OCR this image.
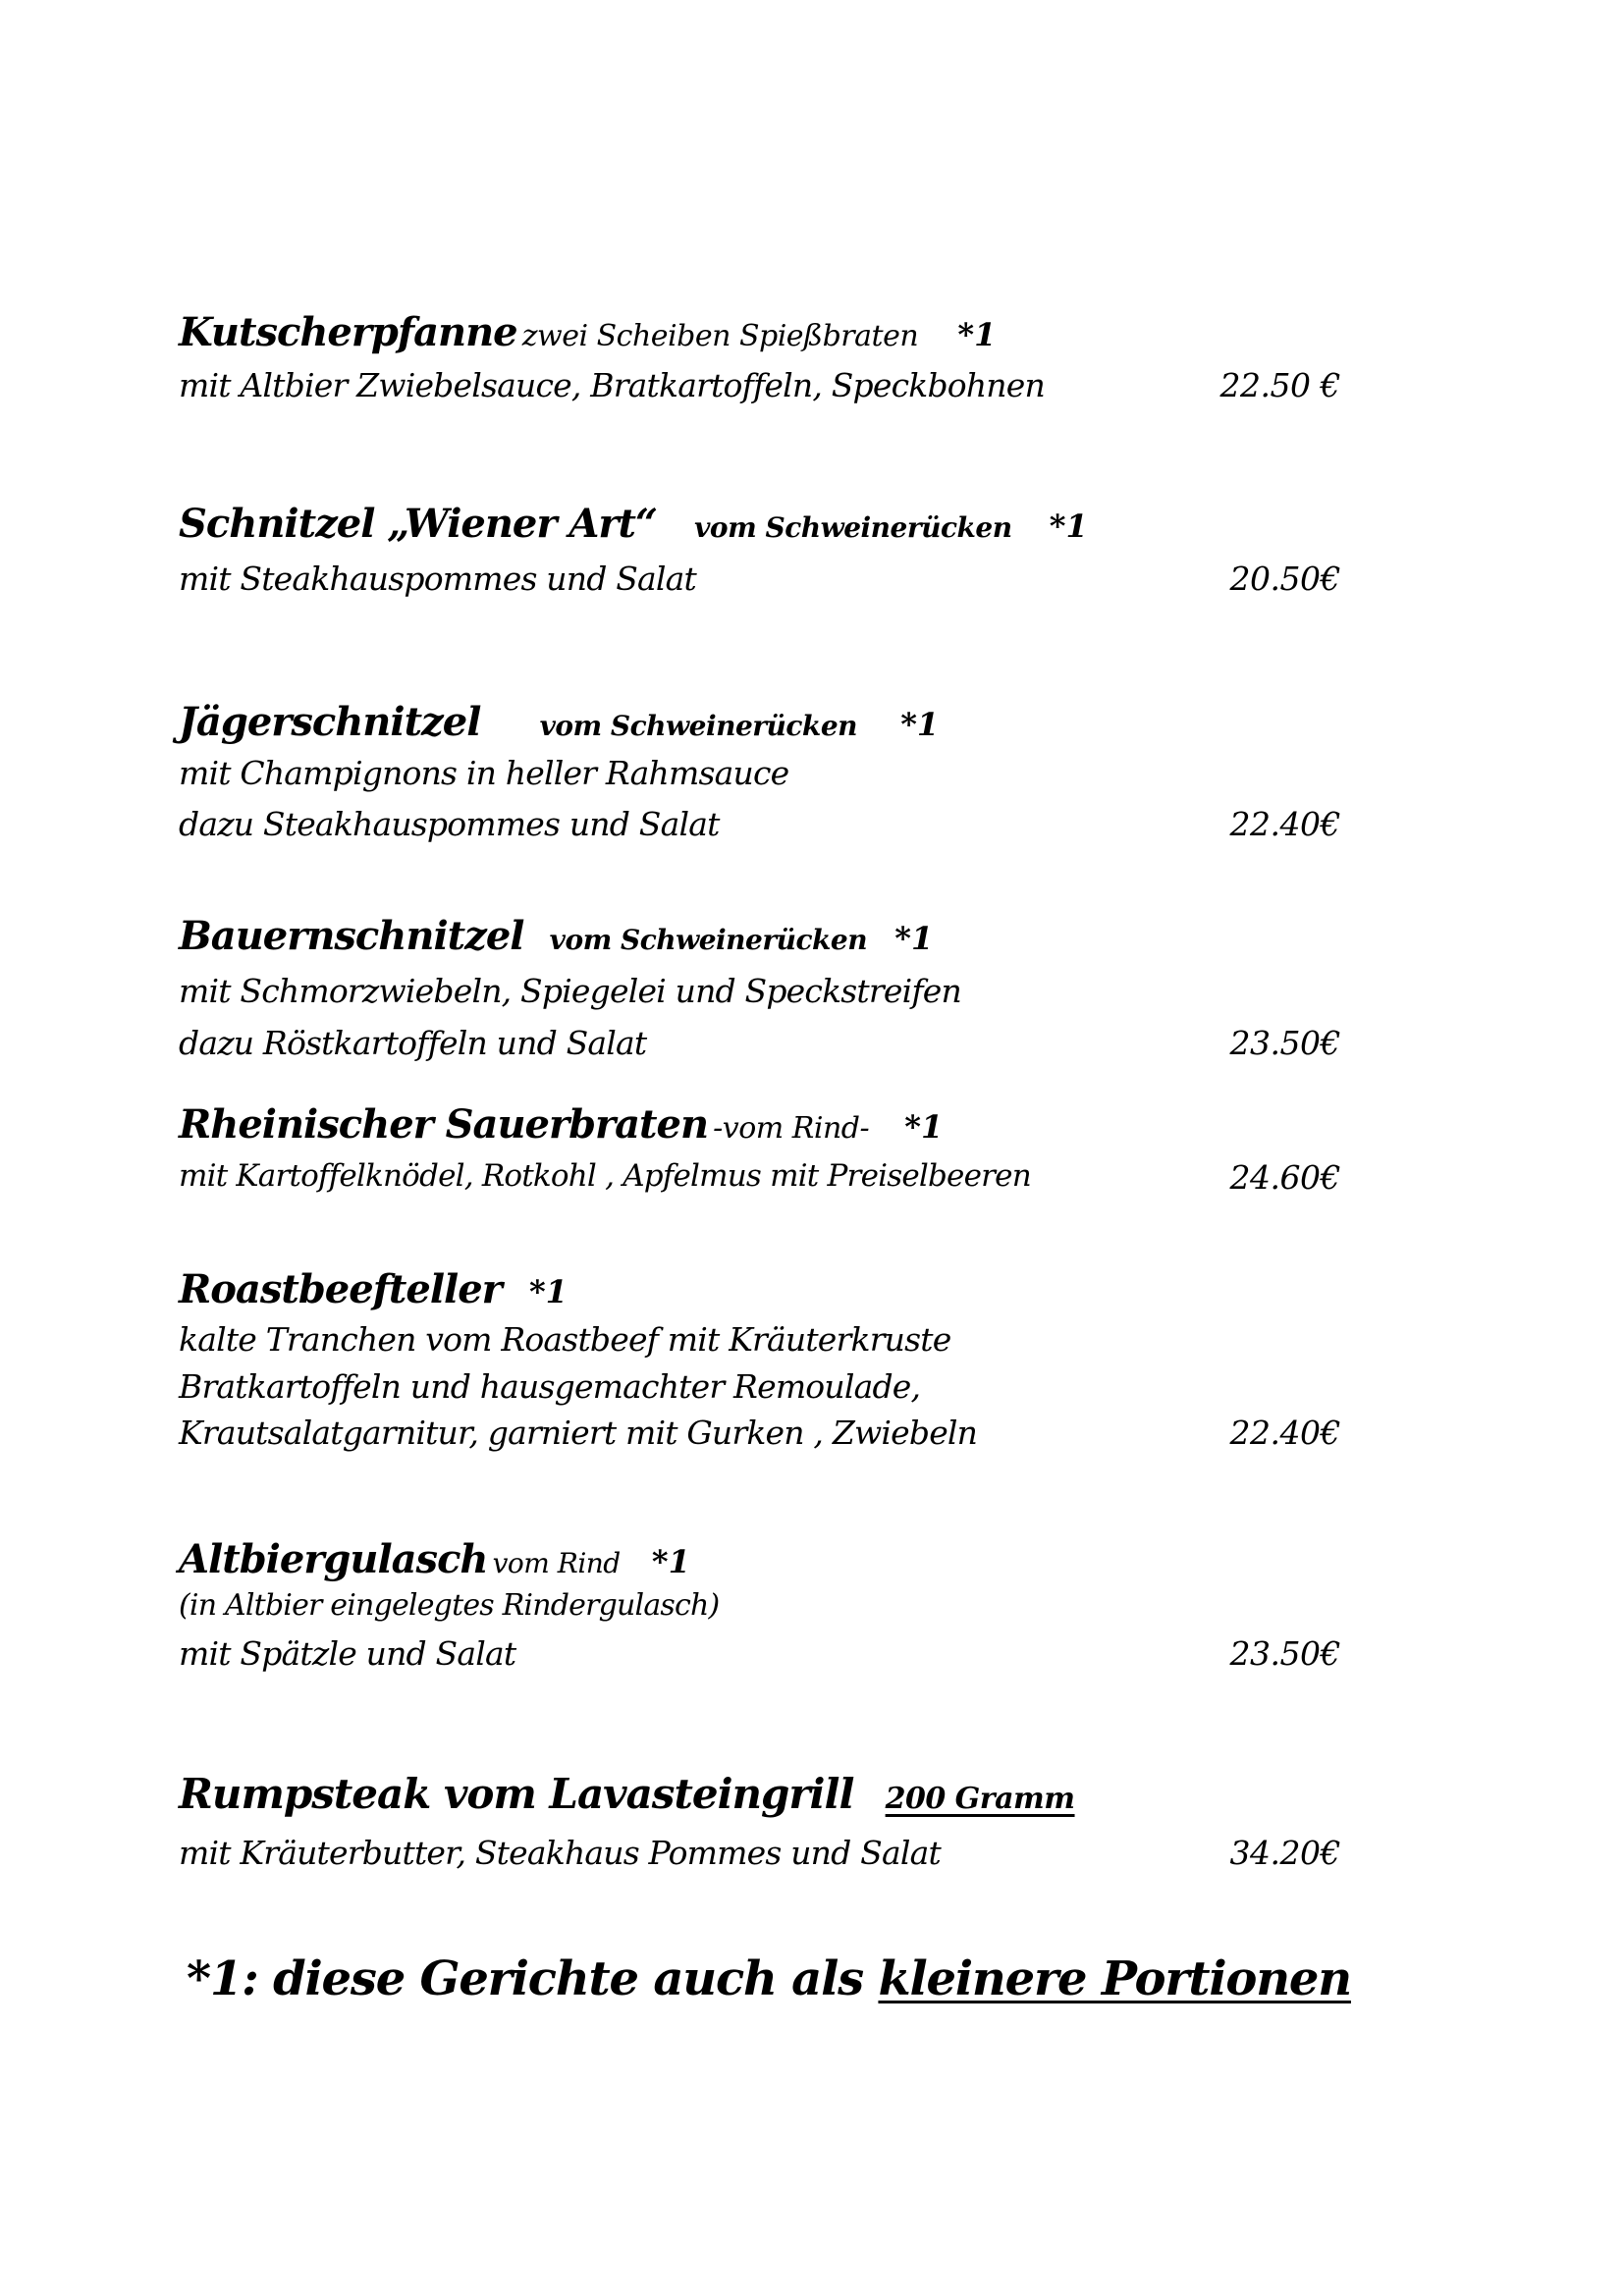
Kutscherpfanne zwei Scheiben Spießbraten *1
mit Altbier Zwiebelsauce, Bratkartoffeln, Speckbohnen	22.50 €
Schnitzel „Wiener Art“ vom Schweinerücken *1
mit Steakhauspommes und Salat	20.50€
Jägerschnitzel vom Schweinerücken *1
mit Champignons in heller Rahmsauce
dazu Steakhauspommes und Salat	22.40€
Bauernschnitzel vom Schweinerücken *1
mit Schmorzwiebeln, Spiegelei und Speckstreifen
dazu Röstkartoffeln und Salat	23.50€
Rheinischer Sauerbraten -vom Rind- *1
mit Kartoffelknödel, Rotkohl , Apfelmus mit Preiselbeeren	24.60€
Roastbeefteller *1
kalte Tranchen vom Roastbeef mit Kräuterkruste
Bratkartoffeln und hausgemachter Remoulade,
Krautsalatgarnitur, garniert mit Gurken , Zwiebeln	22.40€
Altbiergulasch vom Rind *1
(in Altbier eingelegtes Rindergulasch)
mit Spätzle und Salat	23.50€
Rumpsteak vom Lavasteingrill 200 Gramm
mit Kräuterbutter, Steakhaus Pommes und Salat	34.20€
*1: diese Gerichte auch als kleinere Portionen
